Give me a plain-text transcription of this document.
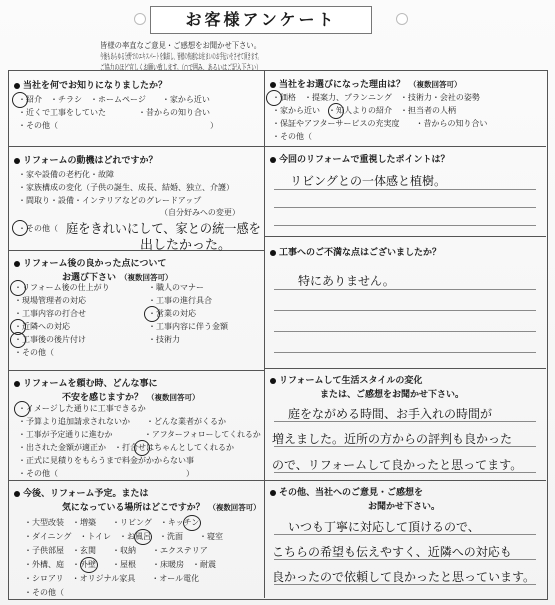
お客様アンケート
皆様の率直なご意見・ご感想をお聞かせ下さい。
今後もあらゆる分野でのエキスパートを集結し、皆様の快適なお住まいのお手伝いをさせて頂きます。
ご協力のほど宜しくお願い致します。（○で囲み、あるいはご記入下さい）
当社を何でお知りになりましたか？
・紹介　・チラシ　・ホームページ　　・家から近い
・近くで工事をしていた　　　　・昔からの知り合い
・その他（　　　　　　　　　　　　　　　　　　　）
リフォームの動機はどれですか？
・家や設備の老朽化・故障
・家族構成の変化（子供の誕生、成長、結婚、独立、介護）
・間取り・設備・インテリアなどのグレードアップ
（自分好みへの変更）
・その他（ 庭をきれいにして、家との統一感を
出したかった。
リフォーム後の良かった点について
お選び下さい （複数回答可）
・リフォーム後の仕上がり
・現場管理者の対応
・工事内容の打合せ
・近隣への対応
・工事後の後片付け
・その他（
・職人のマナー
・工事の進行具合
・営業の対応
・工事内容に伴う金額
・技術力
リフォームを頼む時、どんな事に
不安を感じますか？ （複数回答可）
・イメージした通りに工事できるか
・予算より追加請求されないか　　・どんな業者がくるか
・工事が予定通りに進むか　　　　・アフターフォローしてくれるか
・出された金額が適正か　・打合せはちゃんとしてくれるか
・正式に見積りをもらうまで料金がかからない事
・その他（　　　　　　　　　　　　　　　　）
今後、リフォーム予定。または
気になっている場所はどこですか？ （複数回答可）
・大型改装　・増築　　・リビング　・キッチン
・ダイニング　・トイレ　・お風呂　・洗面　　・寝室
・子供部屋　・玄関　　・収納　　・エクステリア
・外構、庭　・外壁　　・屋根　　・床暖房　・耐震
・シロアリ　・オリジナル家具　　・オール電化
・その他（
当社をお選びになった理由は？ （複数回答可）
・価格　・提案力、プランニング　・技術力・会社の姿勢
・家から近い　・知人よりの紹介　・担当者の人柄
・保証やアフターサービスの充実度　　・昔からの知り合い
・その他（
今回のリフォームで重視したポイントは？
リビングとの一体感と植樹。
工事へのご不満な点はございましたか？
特にありません。
リフォームして生活スタイルの変化
または、ご感想をお聞かせ下さい。
庭をながめる時間、お手入れの時間が
増えました。近所の方からの評判も良かった
ので、リフォームして良かったと思ってます。
その他、当社へのご意見・ご感想を
お聞かせ下さい。
いつも丁寧に対応して頂けるので、
こちらの希望も伝えやすく、近隣への対応も
良かったので依頼して良かったと思っています。
